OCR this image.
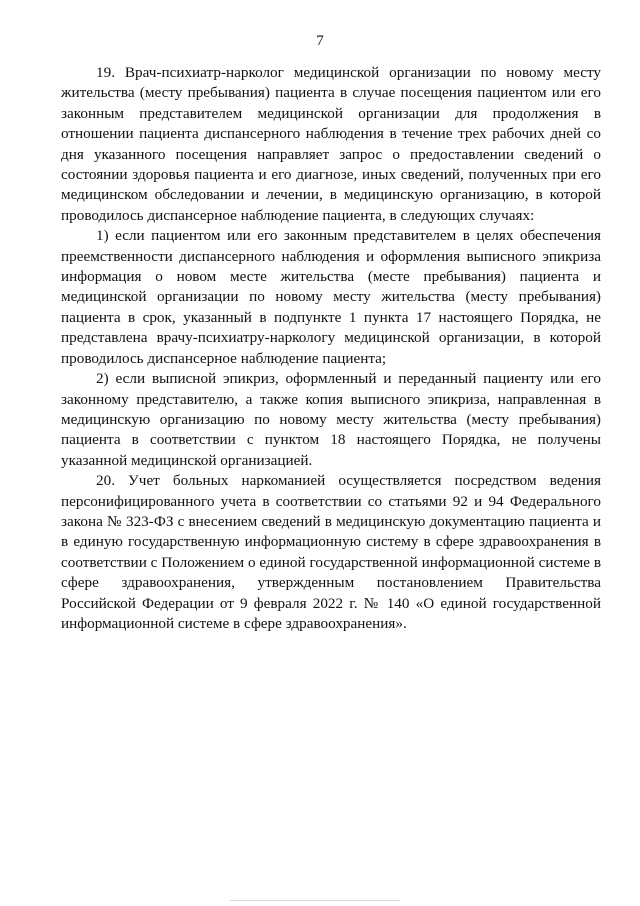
7

19. Врач-психиатр-нарколог медицинской организации по новому месту жительства (месту пребывания) пациента в случае посещения пациентом или его законным представителем медицинской организации для продолжения в отношении пациента диспансерного наблюдения в течение трех рабочих дней со дня указанного посещения направляет запрос о предоставлении сведений о состоянии здоровья пациента и его диагнозе, иных сведений, полученных при его медицинском обследовании и лечении, в медицинскую организацию, в которой проводилось диспансерное наблюдение пациента, в следующих случаях:

1) если пациентом или его законным представителем в целях обеспечения преемственности диспансерного наблюдения и оформления выписного эпикриза информация о новом месте жительства (месте пребывания) пациента и медицинской организации по новому месту жительства (месту пребывания) пациента в срок, указанный в подпункте 1 пункта 17 настоящего Порядка, не представлена врачу-психиатру-наркологу медицинской организации, в которой проводилось диспансерное наблюдение пациента;

2) если выписной эпикриз, оформленный и переданный пациенту или его законному представителю, а также копия выписного эпикриза, направленная в медицинскую организацию по новому месту жительства (месту пребывания) пациента в соответствии с пунктом 18 настоящего Порядка, не получены указанной медицинской организацией.

20. Учет больных наркоманией осуществляется посредством ведения персонифицированного учета в соответствии со статьями 92 и 94 Федерального закона № 323-ФЗ с внесением сведений в медицинскую документацию пациента и в единую государственную информационную систему в сфере здравоохранения в соответствии с Положением о единой государственной информационной системе в сфере здравоохранения, утвержденным постановлением Правительства Российской Федерации от 9 февраля 2022 г. № 140 «О единой государственной информационной системе в сфере здравоохранения».
